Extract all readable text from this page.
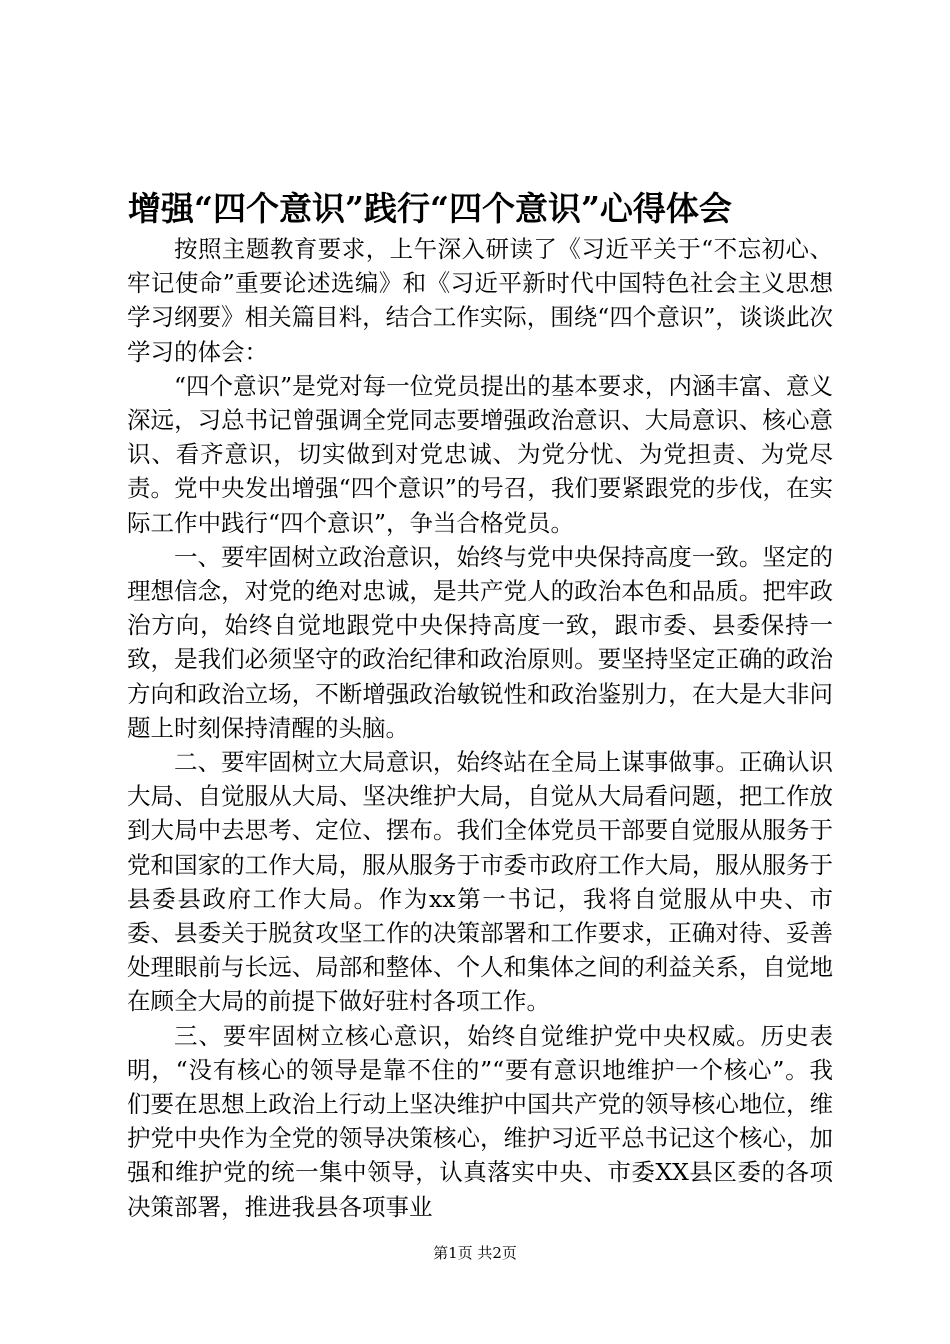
增强“四个意识”践行“四个意识”心得体会

按照主题教育要求，上午深入研读了《习近平关于“不忘初心、牢记使命”重要论述选编》和《习近平新时代中国特色社会主义思想学习纲要》相关篇目料，结合工作实际，围绕“四个意识”，谈谈此次学习的体会：

“四个意识”是党对每一位党员提出的基本要求，内涵丰富、意义深远，习总书记曾强调全党同志要增强政治意识、大局意识、核心意识、看齐意识，切实做到对党忠诚、为党分忧、为党担责、为党尽责。党中央发出增强“四个意识”的号召，我们要紧跟党的步伐，在实际工作中践行“四个意识”，争当合格党员。

一、要牢固树立政治意识，始终与党中央保持高度一致。坚定的理想信念，对党的绝对忠诚，是共产党人的政治本色和品质。把牢政治方向，始终自觉地跟党中央保持高度一致，跟市委、县委保持一致，是我们必须坚守的政治纪律和政治原则。要坚持坚定正确的政治方向和政治立场，不断增强政治敏锐性和政治鉴别力，在大是大非问题上时刻保持清醒的头脑。

二、要牢固树立大局意识，始终站在全局上谋事做事。正确认识大局、自觉服从大局、坚决维护大局，自觉从大局看问题，把工作放到大局中去思考、定位、摆布。我们全体党员干部要自觉服从服务于党和国家的工作大局，服从服务于市委市政府工作大局，服从服务于县委县政府工作大局。作为xx第一书记，我将自觉服从中央、市委、县委关于脱贫攻坚工作的决策部署和工作要求，正确对待、妥善处理眼前与长远、局部和整体、个人和集体之间的利益关系，自觉地在顾全大局的前提下做好驻村各项工作。

三、要牢固树立核心意识，始终自觉维护党中央权威。历史表明，“没有核心的领导是靠不住的”“要有意识地维护一个核心”。我们要在思想上政治上行动上坚决维护中国共产党的领导核心地位，维护党中央作为全党的领导决策核心，维护习近平总书记这个核心，加强和维护党的统一集中领导，认真落实中央、市委XX县区委的各项决策部署，推进我县各项事业

第1页 共2页
